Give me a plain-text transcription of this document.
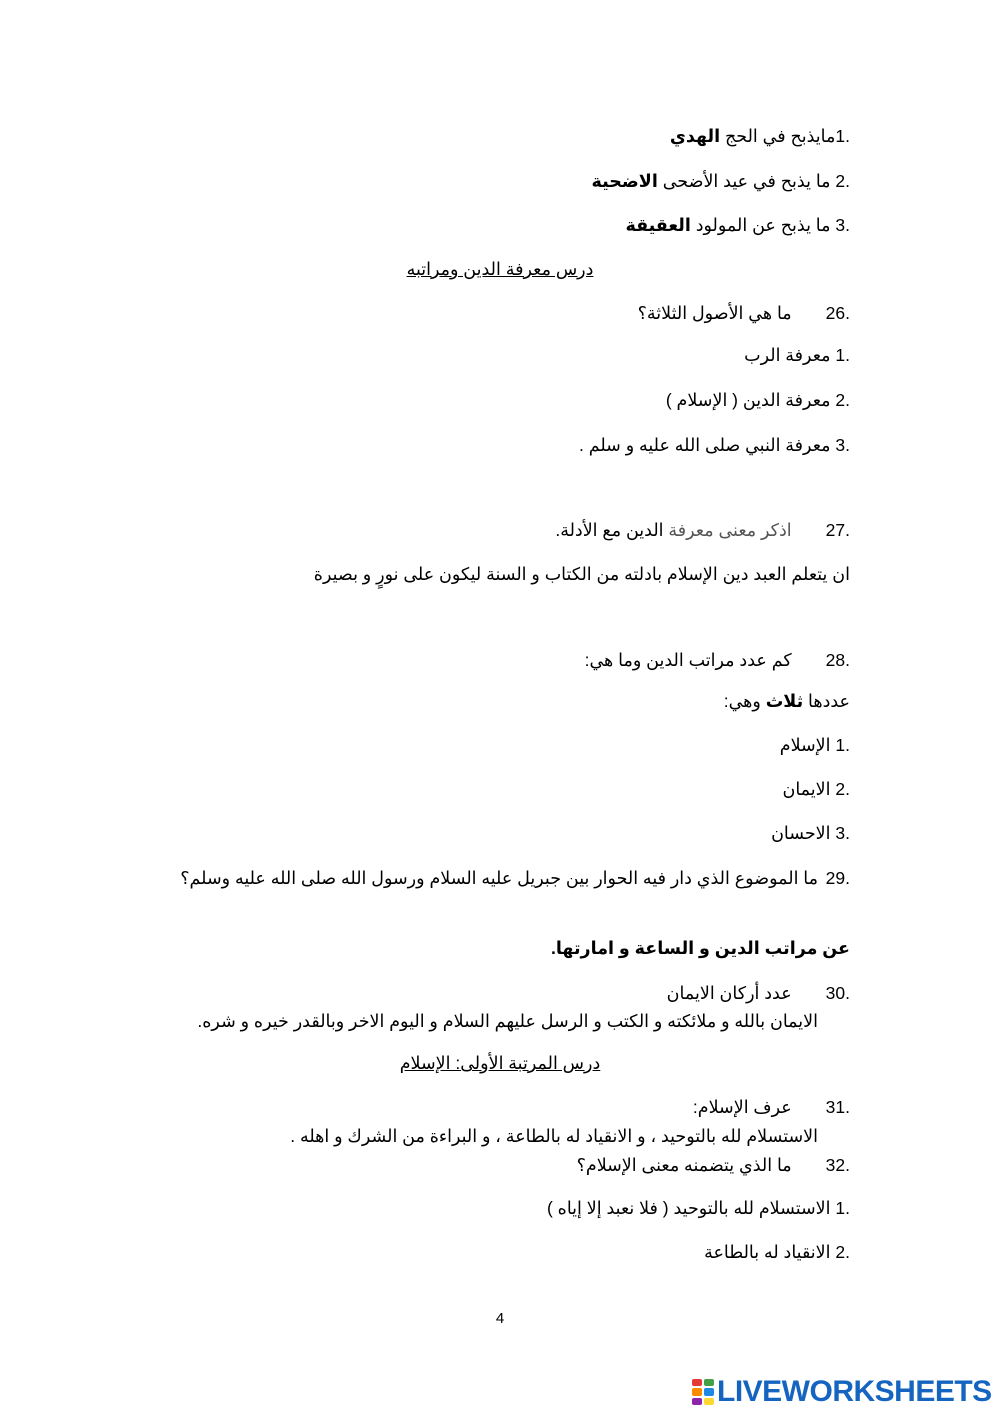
1.مايذبح في الحج الهدي
2. ما يذبح في عيد الأضحى الاضحية
3. ما يذبح عن المولود العقيقة
درس معرفة الدين ومراتبه
26.ما هي الأصول الثلاثة؟
1. معرفة الرب
2. معرفة الدين ( الإسلام )
3. معرفة النبي صلى الله عليه و سلم .
27.اذكر معنى معرفة الدين مع الأدلة.
ان يتعلم العبد دين الإسلام بادلته من الكتاب و السنة ليكون على نورٍ و بصيرة
28.كم عدد مراتب الدين وما هي:
عددها ثلاث وهي:
1. الإسلام
2. الايمان
3. الاحسان
29.
ما الموضوع الذي دار فيه الحوار بين جبريل عليه السلام ورسول الله صلى الله عليه وسلم؟
عن مراتب الدين و الساعة و امارتها.
30.عدد أركان الايمان
الايمان بالله و ملائكته و الكتب و الرسل عليهم السلام و اليوم الاخر وبالقدر خيره و شره.
درس المرتبة الأولى: الإسلام
31.عرف الإسلام:
الاستسلام لله بالتوحيد ، و الانقياد له بالطاعة ، و البراءة من الشرك و اهله .
32.ما الذي يتضمنه معنى الإسلام؟
1. الاستسلام لله بالتوحيد ( فلا نعبد إلا إياه )
2. الانقياد له بالطاعة
4
LIVEWORKSHEETS
